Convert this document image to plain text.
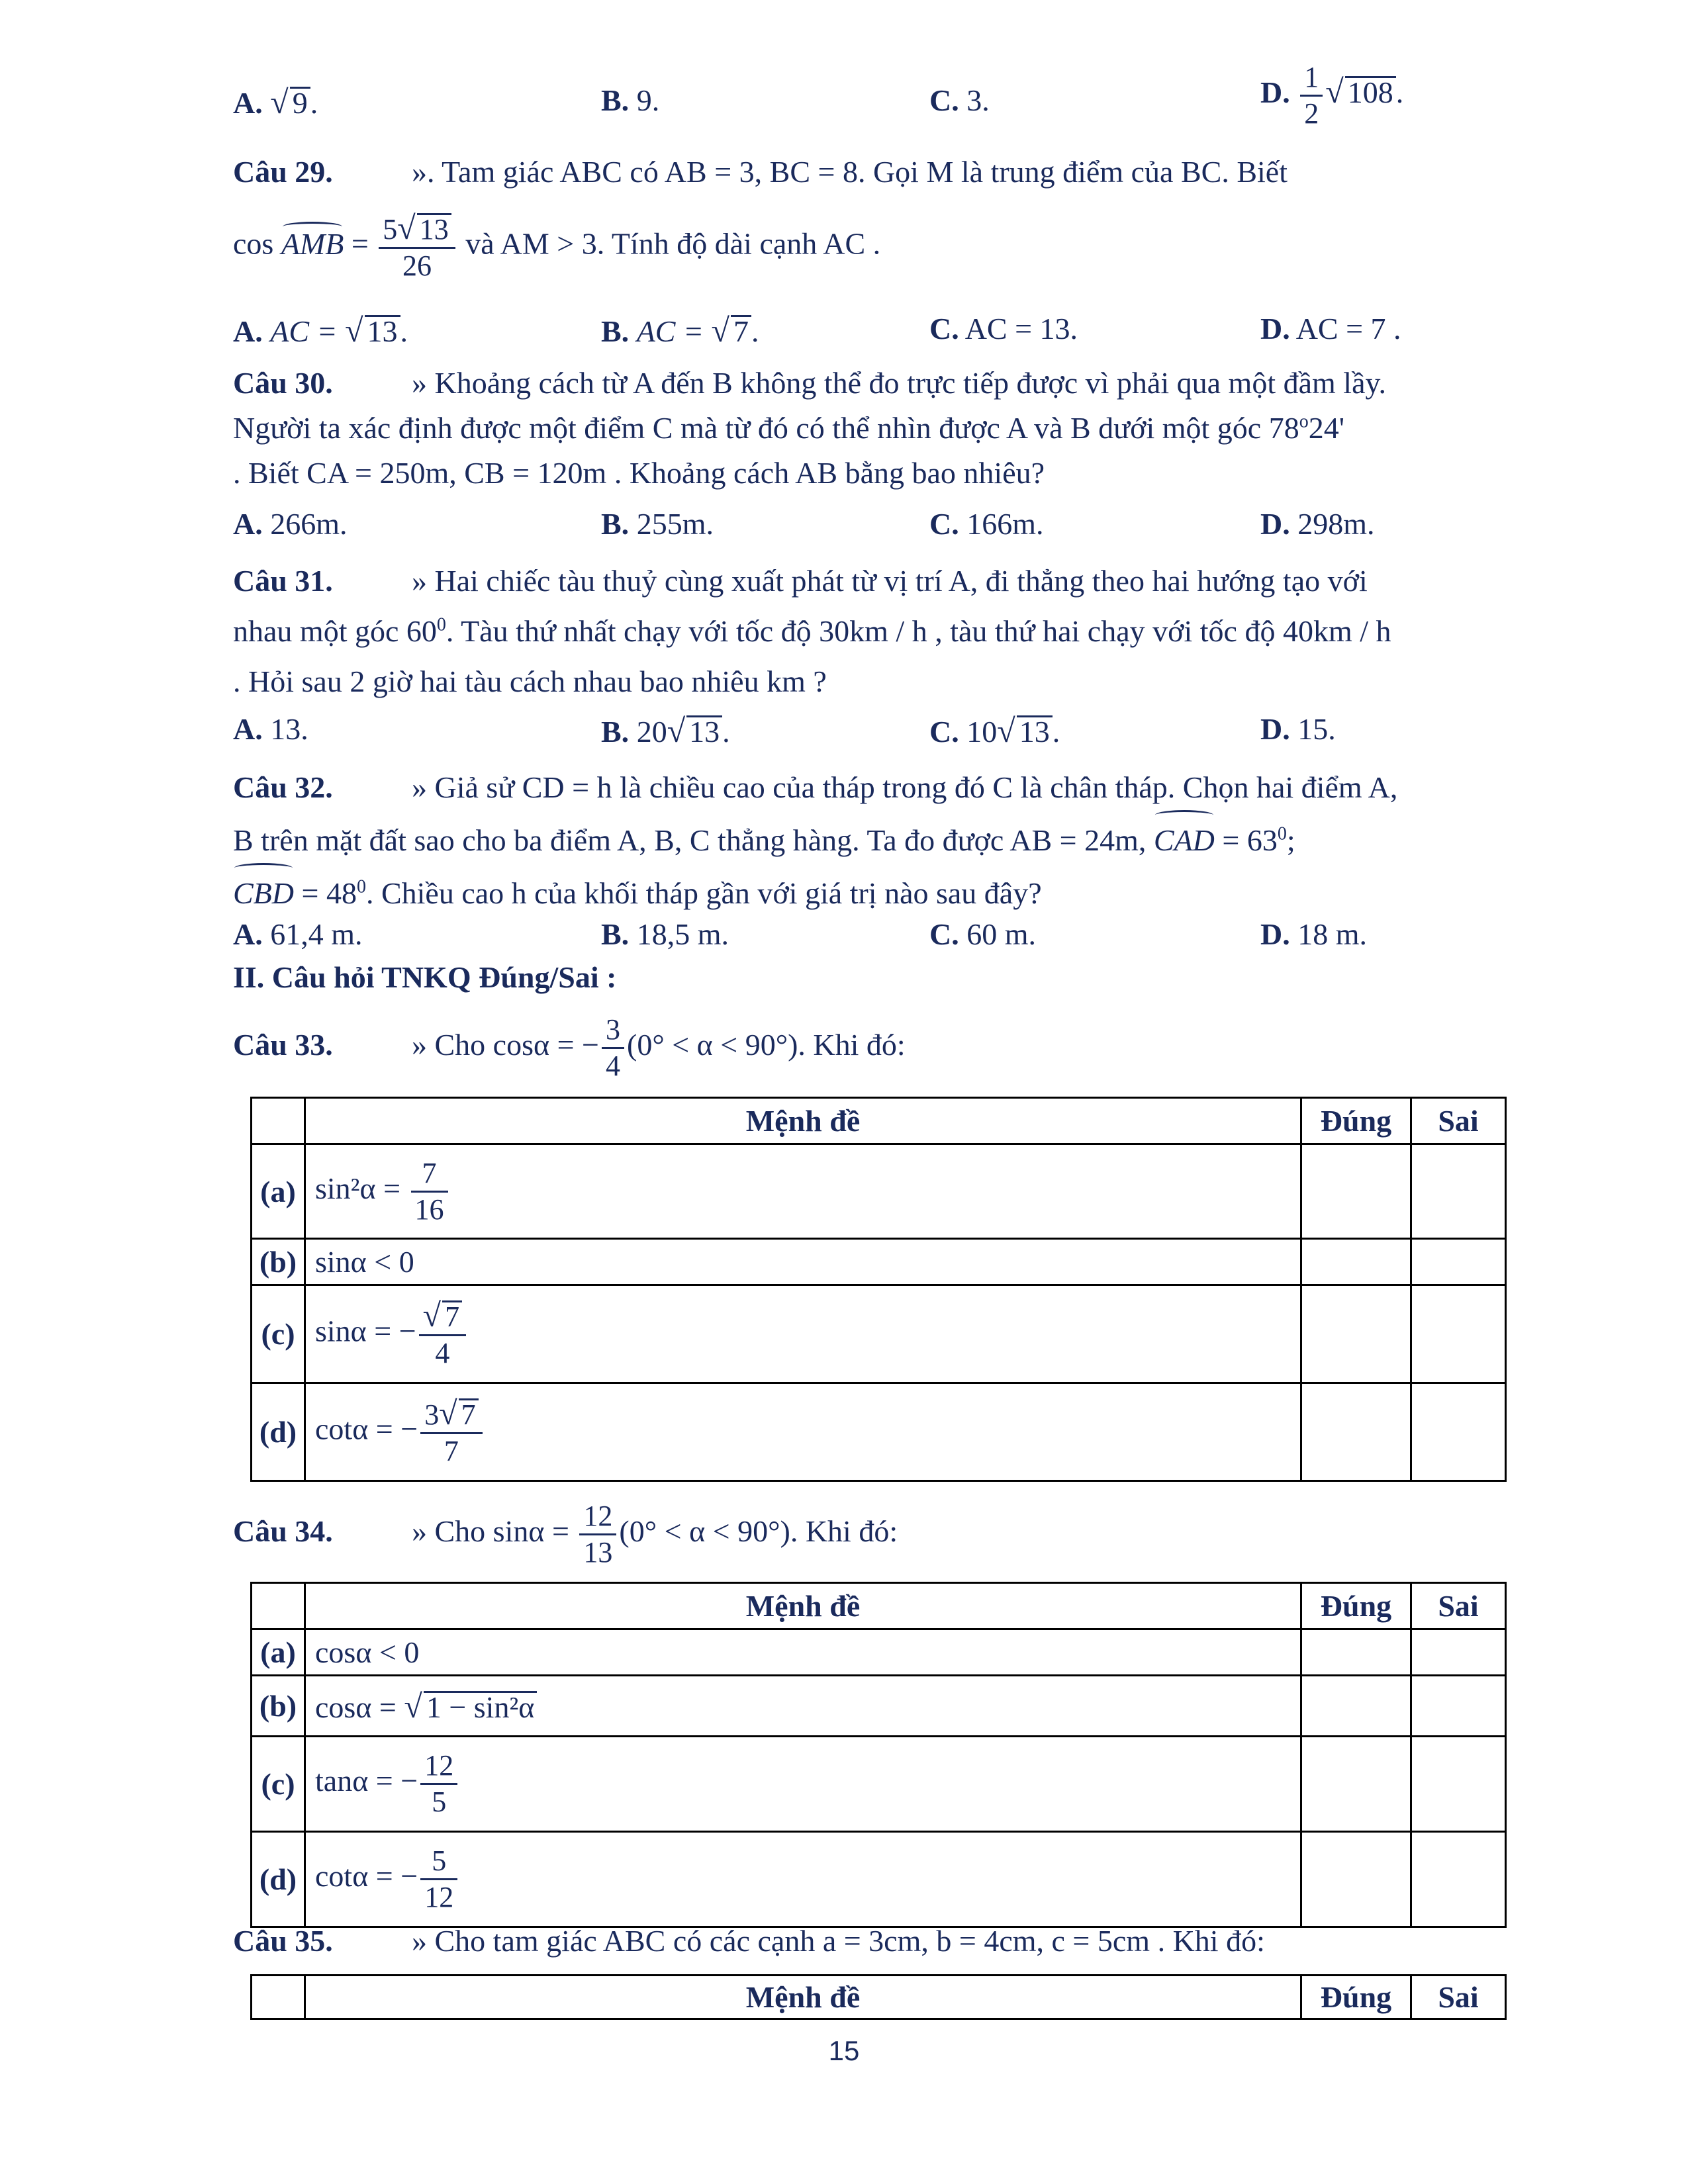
A. √ 9.	B. 9.	C. 3.	D. $\frac{1}{2}$ √ 108.
Câu 29.	». Tam giác ABC có AB = 3, BC = 8. Gọi M là trung điểm của BC. Biết
cos AMB = $\frac{5√ 13}{26}$ và AM > 3. Tính độ dài cạnh AC .
A. AC = √ 13.	B. AC = √ 7.	C. AC = 13.	D. AC = 7 .
Câu 30.	» Khoảng cách từ A đến B không thể đo trực tiếp được vì phải qua một đầm lầy.
Người ta xác định được một điểm C mà từ đó có thể nhìn được A và B dưới một góc 78$^o$24'
. Biết CA = 250m, CB = 120m . Khoảng cách AB bằng bao nhiêu?
A. 266m.	B. 255m.	C. 166m.	D. 298m.
Câu 31.	» Hai chiếc tàu thuỷ cùng xuất phát từ vị trí A, đi thẳng theo hai hướng tạo với
nhau một góc $60^0$. Tàu thứ nhất chạy với tốc độ 30km / h , tàu thứ hai chạy với tốc độ 40km / h
. Hỏi sau 2 giờ hai tàu cách nhau bao nhiêu km ?
A. 13.	B. 20√ 13.	C. 10√ 13.	D. 15.
Câu 32.	» Giả sử CD = h là chiều cao của tháp trong đó C là chân tháp. Chọn hai điểm A,
B trên mặt đất sao cho ba điểm A, B, C thẳng hàng. Ta đo được AB = 24m, CAD = $63^0$;
CBD = $48^0$. Chiều cao h của khối tháp gần với giá trị nào sau đây?
A. 61,4 m.	B. 18,5 m.	C. 60 m.	D. 18 m.
II. Câu hỏi TNKQ Đúng/Sai :
Câu 33.	» Cho cosα = − $\frac{3}{4} (0^\circ < \alpha < 90^\circ)$. Khi đó:
	Mệnh đề	Đúng	Sai
(a)	$\sin^2\alpha = \frac{7}{16}$

(b)	sinα < 0		
(c)	sinα = − $\frac{√ 7}{4}$

(d)	cotα = − $\frac{3√ 7}{7}$

Câu 34.	» Cho $\sin\alpha = \frac{12}{13} (0^\circ < \alpha < 90^\circ)$. Khi đó:
	Mệnh đề	Đúng	Sai
(a)	cosα < 0		
(b)	cosα = √ 1 − sin²α		
(c)	tanα = − $\frac{12}{5}$

(d)	cotα = − $\frac{5}{12}$

Câu 35.	» Cho tam giác ABC có các cạnh a = 3cm, b = 4cm, c = 5cm . Khi đó:
	Mệnh đề	Đúng	Sai
15
